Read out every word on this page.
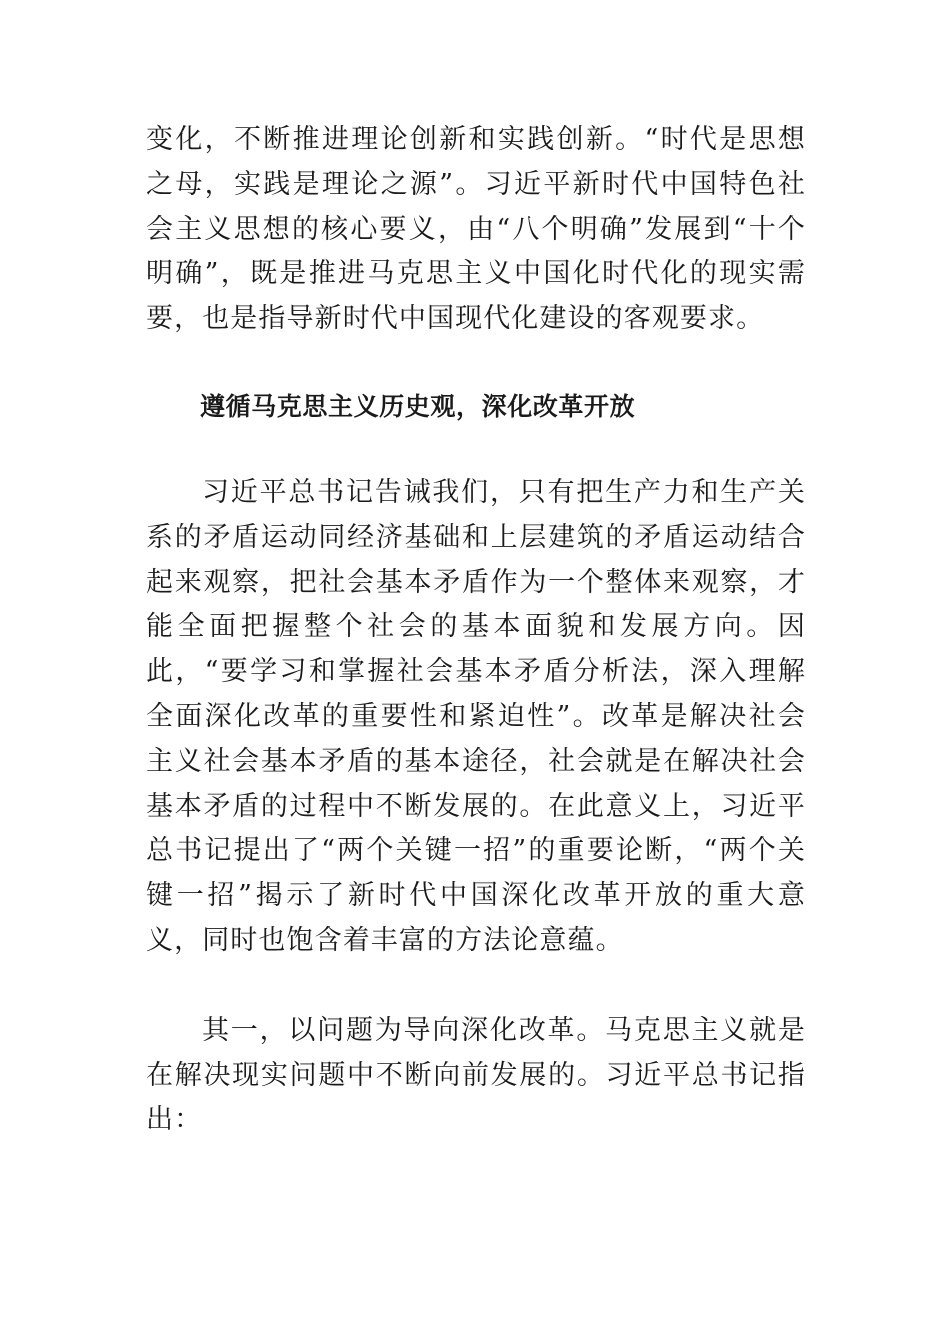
变化，不断推进理论创新和实践创新。“时代是思想之母，实践是理论之源”。习近平新时代中国特色社会主义思想的核心要义，由“八个明确”发展到“十个明确”，既是推进马克思主义中国化时代化的现实需要，也是指导新时代中国现代化建设的客观要求。

遵循马克思主义历史观，深化改革开放

习近平总书记告诫我们，只有把生产力和生产关系的矛盾运动同经济基础和上层建筑的矛盾运动结合起来观察，把社会基本矛盾作为一个整体来观察，才能全面把握整个社会的基本面貌和发展方向。因此，“要学习和掌握社会基本矛盾分析法，深入理解全面深化改革的重要性和紧迫性”。改革是解决社会主义社会基本矛盾的基本途径，社会就是在解决社会基本矛盾的过程中不断发展的。在此意义上，习近平总书记提出了“两个关键一招”的重要论断，“两个关键一招”揭示了新时代中国深化改革开放的重大意义，同时也饱含着丰富的方法论意蕴。

其一，以问题为导向深化改革。马克思主义就是在解决现实问题中不断向前发展的。习近平总书记指出：
